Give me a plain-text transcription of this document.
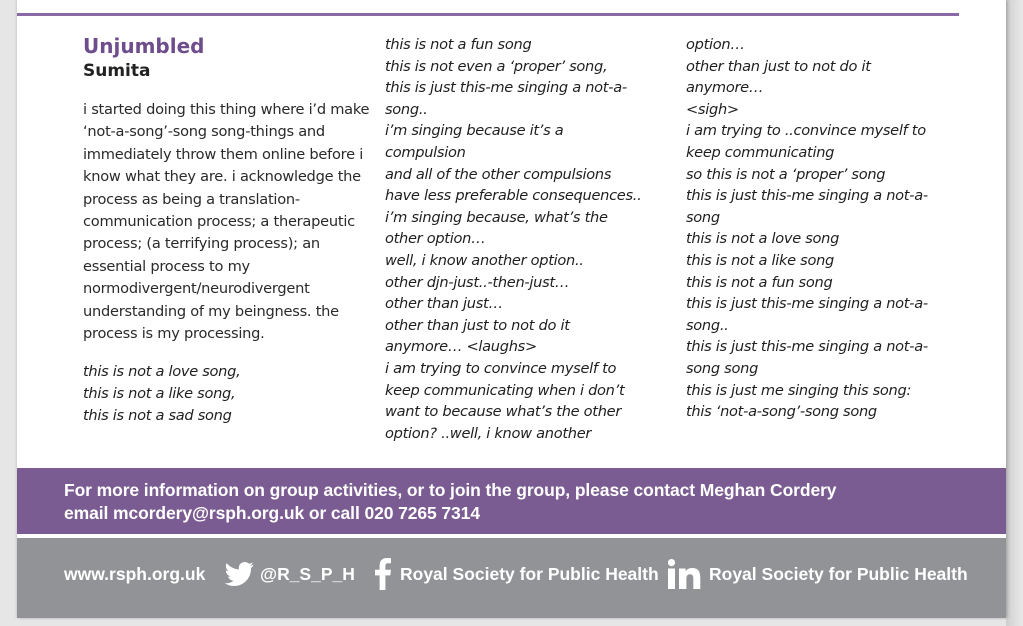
Unjumbled
Sumita

i started doing this thing where i’d make ‘not-a-song’-song song-things and immediately throw them online before i know what they are. i acknowledge the process as being a translation-communication process; a therapeutic process; (a terrifying process); an essential process to my normodivergent/neurodivergent understanding of my beingness. the process is my processing.

this is not a love song,
this is not a like song,
this is not a sad song
this is not a fun song
this is not even a ‘proper’ song,
this is just this-me singing a not-a-
song..
i’m singing because it’s a
compulsion
and all of the other compulsions
have less preferable consequences..
i’m singing because, what’s the
other option…
well, i know another option..
other djn-just..-then-just…
other than just…
other than just to not do it
anymore… <laughs>
i am trying to convince myself to
keep communicating when i don’t
want to because what’s the other
option? ..well, i know another
option…
other than just to not do it
anymore…
<sigh>
i am trying to ..convince myself to
keep communicating
so this is not a ‘proper’ song
this is just this-me singing a not-a-
song
this is not a love song
this is not a like song
this is not a fun song
this is just this-me singing a not-a-
song..
this is just this-me singing a not-a-
song song
this is just me singing this song:
this ‘not-a-song’-song song

For more information on group activities, or to join the group, please contact Meghan Cordery
email mcordery@rsph.org.uk or call 020 7265 7314

www.rsph.org.uk	@R_S_P_H	Royal Society for Public Health	Royal Society for Public Health
